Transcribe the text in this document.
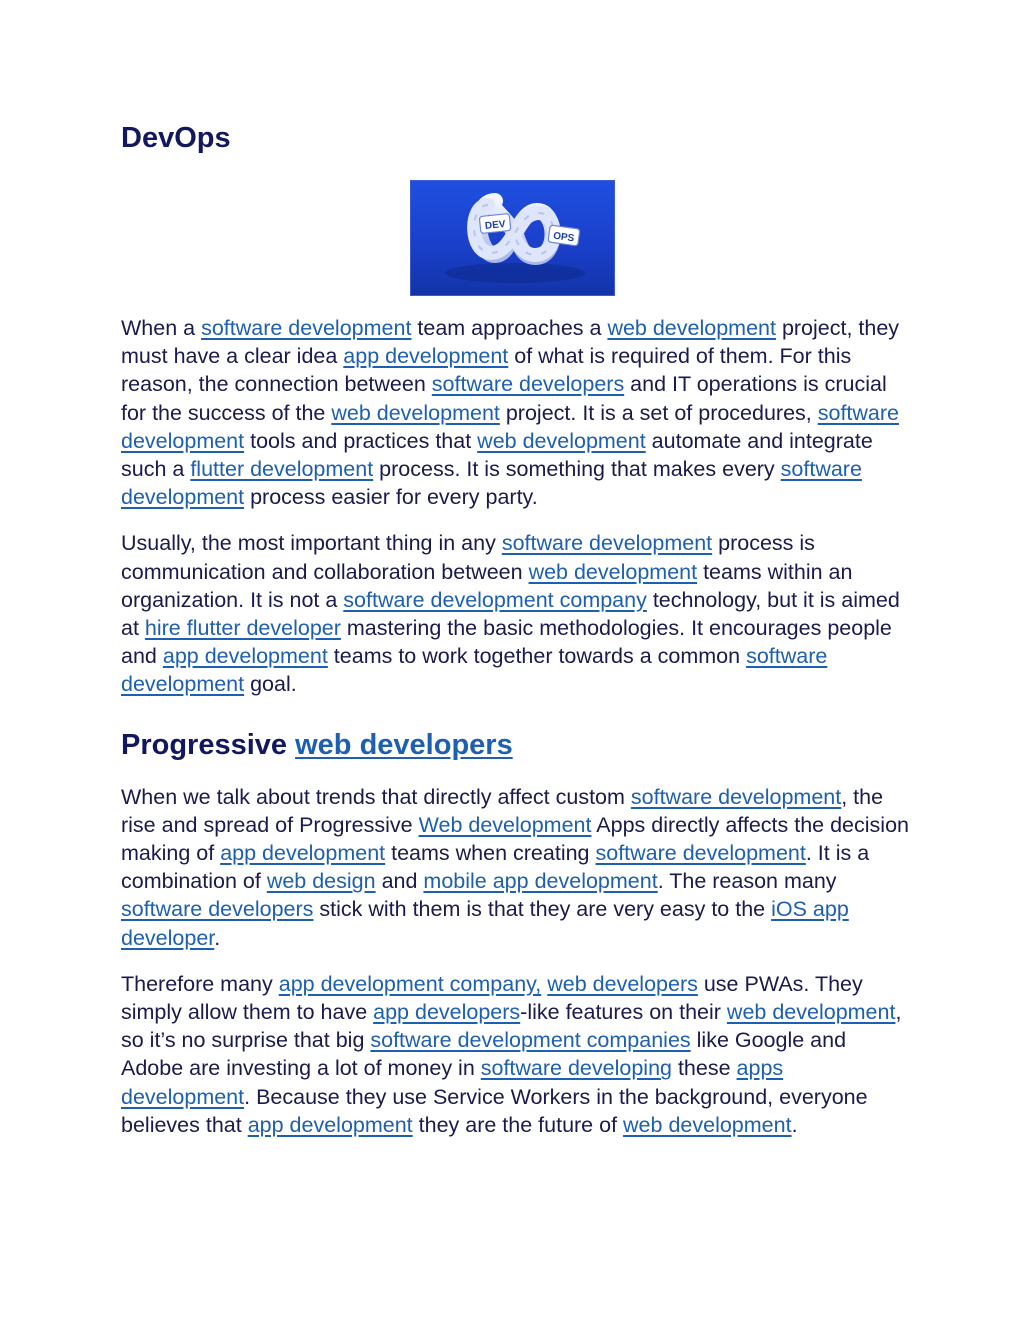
DevOps
DEV
OPS

When a software development team approaches a web development project, they must have a clear idea app development of what is required of them. For this reason, the connection between software developers and IT operations is crucial for the success of the web development project. It is a set of procedures, software development tools and practices that web development automate and integrate such a flutter development process. It is something that makes every software development process easier for every party.

Usually, the most important thing in any software development process is communication and collaboration between web development teams within an organization. It is not a software development company technology, but it is aimed at hire flutter developer mastering the basic methodologies. It encourages people and app development teams to work together towards a common software development goal.

Progressive web developers

When we talk about trends that directly affect custom software development, the rise and spread of Progressive Web development Apps directly affects the decision making of app development teams when creating software development. It is a combination of web design and mobile app development. The reason many software developers stick with them is that they are very easy to the iOS app developer.

Therefore many app development company, web developers use PWAs. They simply allow them to have app developers-like features on their web development, so it’s no surprise that big software development companies like Google and Adobe are investing a lot of money in software developing these apps development. Because they use Service Workers in the background, everyone believes that app development they are the future of web development.
